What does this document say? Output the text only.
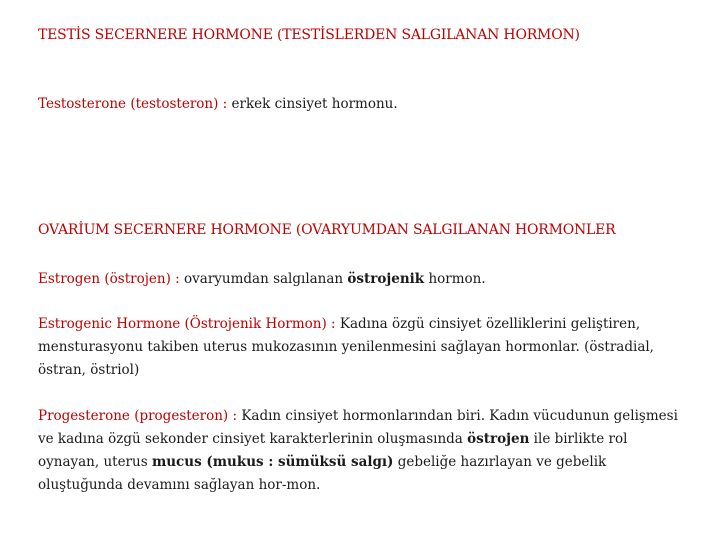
TESTİS SECERNERE HORMONE (TESTİSLERDEN SALGILANAN HORMON)
Testosterone (testosteron) : erkek cinsiyet hormonu.
OVARİUM SECERNERE HORMONE (OVARYUMDAN SALGILANAN HORMONLER
Estrogen (östrojen) : ovaryumdan salgılanan östrojenik hormon.
Estrogenic Hormone (Östrojenik Hormon) : Kadına özgü cinsiyet özelliklerini geliştiren, mensturasyonu takiben uterus mukozasının yenilenmesini sağlayan hormonlar. (östradial, östran, östriol)
Progesterone (progesteron) : Kadın cinsiyet hormonlarından biri. Kadın vücudunun gelişmesi ve kadına özgü sekonder cinsiyet karakterlerinin oluşmasında östrojen ile birlikte rol oynayan, uterus mucus (mukus : sümüksü salgı) gebeliğe hazırlayan ve gebelik oluştuğunda devamını sağlayan hor-mon.
